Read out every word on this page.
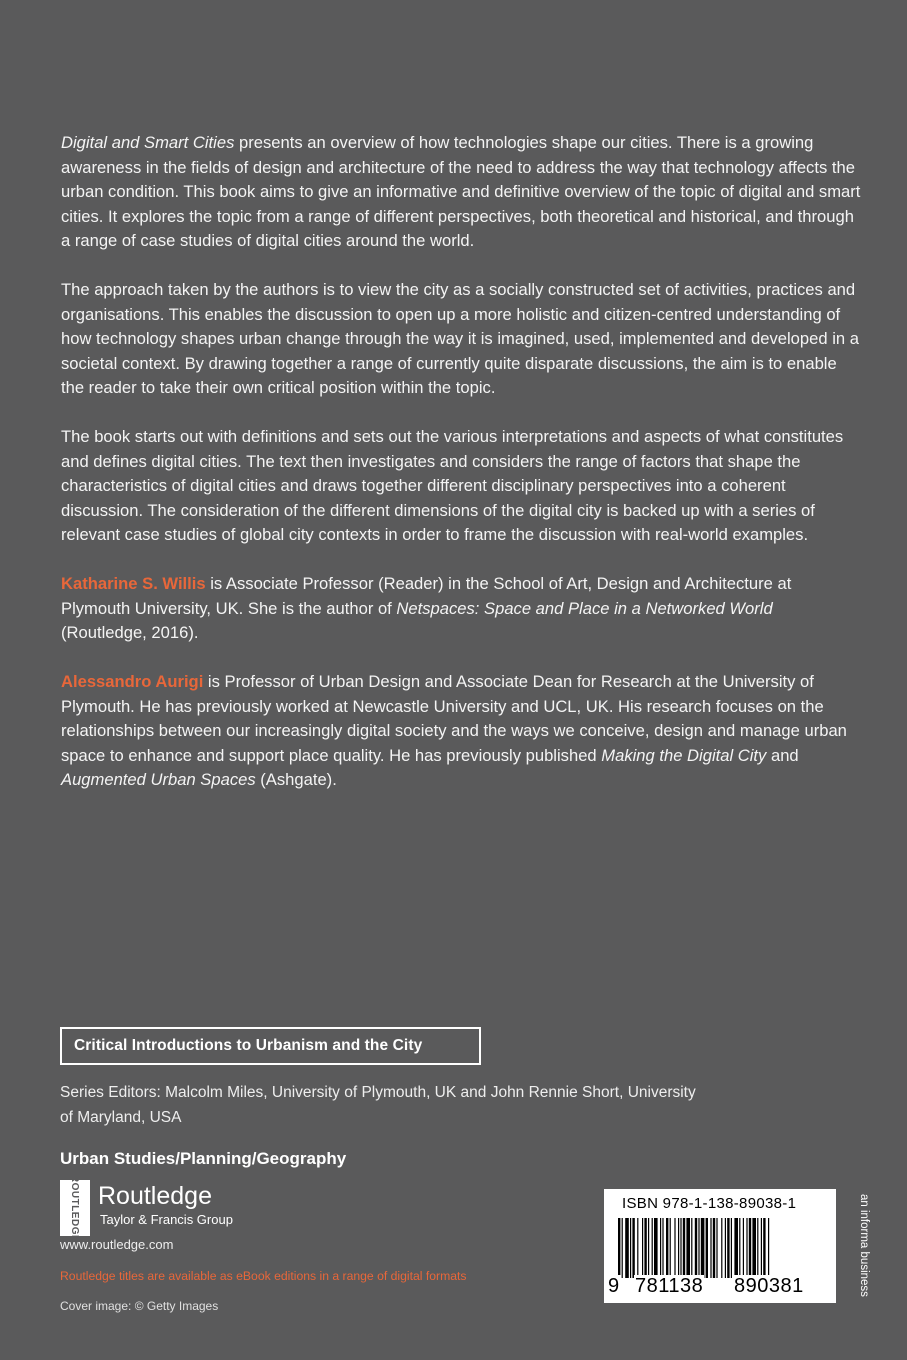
Digital and Smart Cities presents an overview of how technologies shape our cities. There is a growing awareness in the fields of design and architecture of the need to address the way that technology affects the urban condition. This book aims to give an informative and definitive overview of the topic of digital and smart cities. It explores the topic from a range of different perspectives, both theoretical and historical, and through a range of case studies of digital cities around the world.

The approach taken by the authors is to view the city as a socially constructed set of activities, practices and organisations. This enables the discussion to open up a more holistic and citizen-centred understanding of how technology shapes urban change through the way it is imagined, used, implemented and developed in a societal context. By drawing together a range of currently quite disparate discussions, the aim is to enable the reader to take their own critical position within the topic.

The book starts out with definitions and sets out the various interpretations and aspects of what constitutes and defines digital cities. The text then investigates and considers the range of factors that shape the characteristics of digital cities and draws together different disciplinary perspectives into a coherent discussion. The consideration of the different dimensions of the digital city is backed up with a series of relevant case studies of global city contexts in order to frame the discussion with real-world examples.

Katharine S. Willis is Associate Professor (Reader) in the School of Art, Design and Architecture at Plymouth University, UK. She is the author of Netspaces: Space and Place in a Networked World (Routledge, 2016).

Alessandro Aurigi is Professor of Urban Design and Associate Dean for Research at the University of Plymouth. He has previously worked at Newcastle University and UCL, UK. His research focuses on the relationships between our increasingly digital society and the ways we conceive, design and manage urban space to enhance and support place quality. He has previously published Making the Digital City and Augmented Urban Spaces (Ashgate).

Critical Introductions to Urbanism and the City
Series Editors: Malcolm Miles, University of Plymouth, UK and John Rennie Short, University of Maryland, USA
Urban Studies/Planning/Geography
ROUTLEDGE Routledge
Taylor & Francis Group
www.routledge.com
Routledge titles are available as eBook editions in a range of digital formats
Cover image: © Getty Images
ISBN 978-1-138-89038-1
9 781138 890381	an informa business
